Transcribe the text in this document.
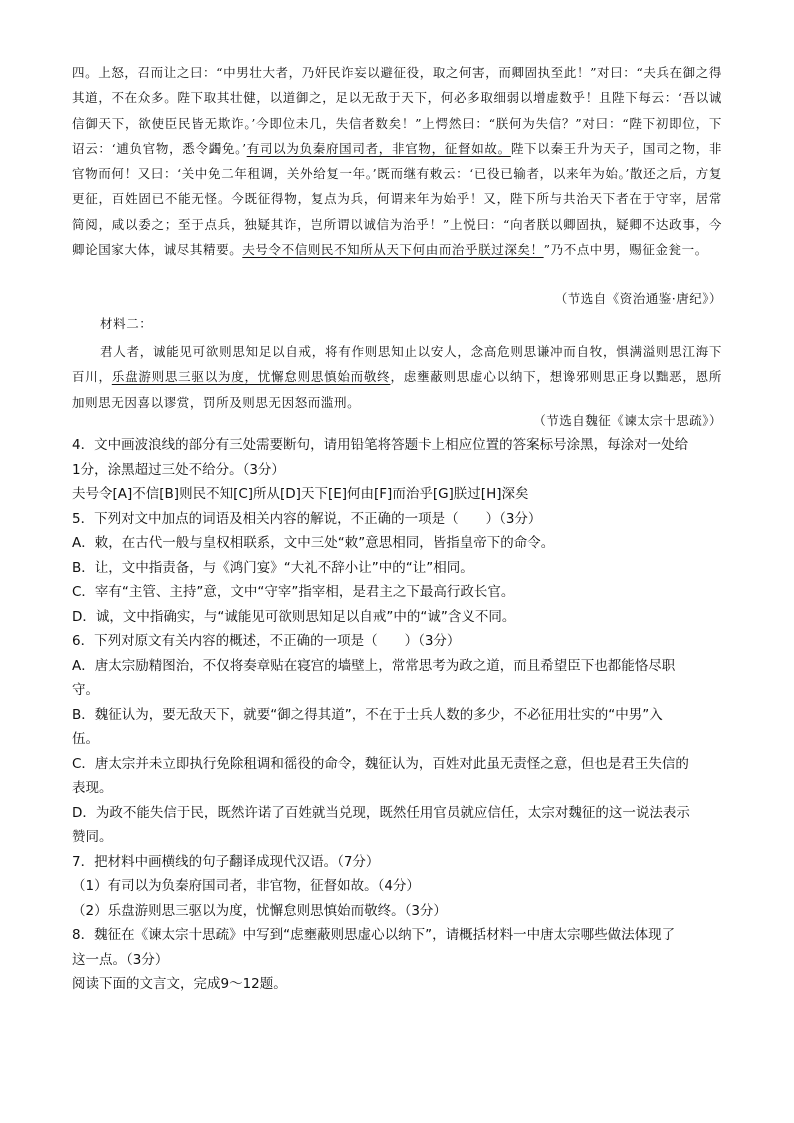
四。上怒，召而让之曰：“中男壮大者，乃奸民诈妄以避征役，取之何害，而卿固执至此！”对曰：“夫兵在御之得其道，不在众多。陛下取其壮健，以道御之，足以无敌于天下，何必多取细弱以增虚数乎！且陛下每云：‘吾以诚信御天下，欲使臣民皆无欺诈。’今即位未几，失信者数矣！”上愕然曰：“朕何为失信？”对曰：“陛下初即位，下诏云：‘逋负官物，悉令蠲免。’有司以为负秦府国司者，非官物，征督如故。陛下以秦王升为天子，国司之物，非官物而何！又曰：‘关中免二年租调，关外给复一年。’既而继有敕云：‘已役已输者，以来年为始。’散还之后，方复更征，百姓固已不能无怪。今既征得物，复点为兵，何谓来年为始乎！又，陛下所与共治天下者在于守宰，居常简阅，咸以委之；至于点兵，独疑其诈，岂所谓以诚信为治乎！”上悦曰：“向者朕以卿固执，疑卿不达政事，今卿论国家大体，诚尽其精要。夫号令不信则民不知所从天下何由而治乎朕过深矣！”乃不点中男，赐征金瓮一。
（节选自《资治通鉴·唐纪》）
材料二：
君人者，诚能见可欲则思知足以自戒，将有作则思知止以安人，念高危则思谦冲而自牧，惧满溢则思江海下百川，乐盘游则思三驱以为度，忧懈怠则思慎始而敬终，虑壅蔽则思虚心以纳下，想谗邪则思正身以黜恶，恩所加则思无因喜以谬赏，罚所及则思无因怒而滥刑。
（节选自魏征《谏太宗十思疏》）
4．文中画波浪线的部分有三处需要断句，请用铅笔将答题卡上相应位置的答案标号涂黑，每涂对一处给
1分，涂黑超过三处不给分。（3分）
夫号令[A]不信[B]则民不知[C]所从[D]天下[E]何由[F]而治乎[G]朕过[H]深矣
5．下列对文中加点的词语及相关内容的解说，不正确的一项是（　　）（3分）
A．敕，在古代一般与皇权相联系，文中三处“敕”意思相同，皆指皇帝下的命令。
B．让，文中指责备，与《鸿门宴》“大礼不辞小让”中的“让”相同。
C．宰有“主管、主持”意，文中“守宰”指宰相，是君主之下最高行政长官。
D．诚，文中指确实，与“诚能见可欲则思知足以自戒”中的“诚”含义不同。
6．下列对原文有关内容的概述，不正确的一项是（　　）（3分）
A．唐太宗励精图治，不仅将奏章贴在寝宫的墙壁上，常常思考为政之道，而且希望臣下也都能恪尽职
守。
B．魏征认为，要无敌天下，就要“御之得其道”，不在于士兵人数的多少，不必征用壮实的“中男”入
伍。
C．唐太宗并未立即执行免除租调和徭役的命令，魏征认为，百姓对此虽无责怪之意，但也是君王失信的
表现。
D．为政不能失信于民，既然许诺了百姓就当兑现，既然任用官员就应信任，太宗对魏征的这一说法表示
赞同。
7．把材料中画横线的句子翻译成现代汉语。（7分）
（1）有司以为负秦府国司者，非官物，征督如故。（4分）
（2）乐盘游则思三驱以为度，忧懈怠则思慎始而敬终。（3分）
8．魏征在《谏太宗十思疏》中写到“虑壅蔽则思虚心以纳下”，请概括材料一中唐太宗哪些做法体现了
这一点。（3分）
阅读下面的文言文，完成9～12题。
